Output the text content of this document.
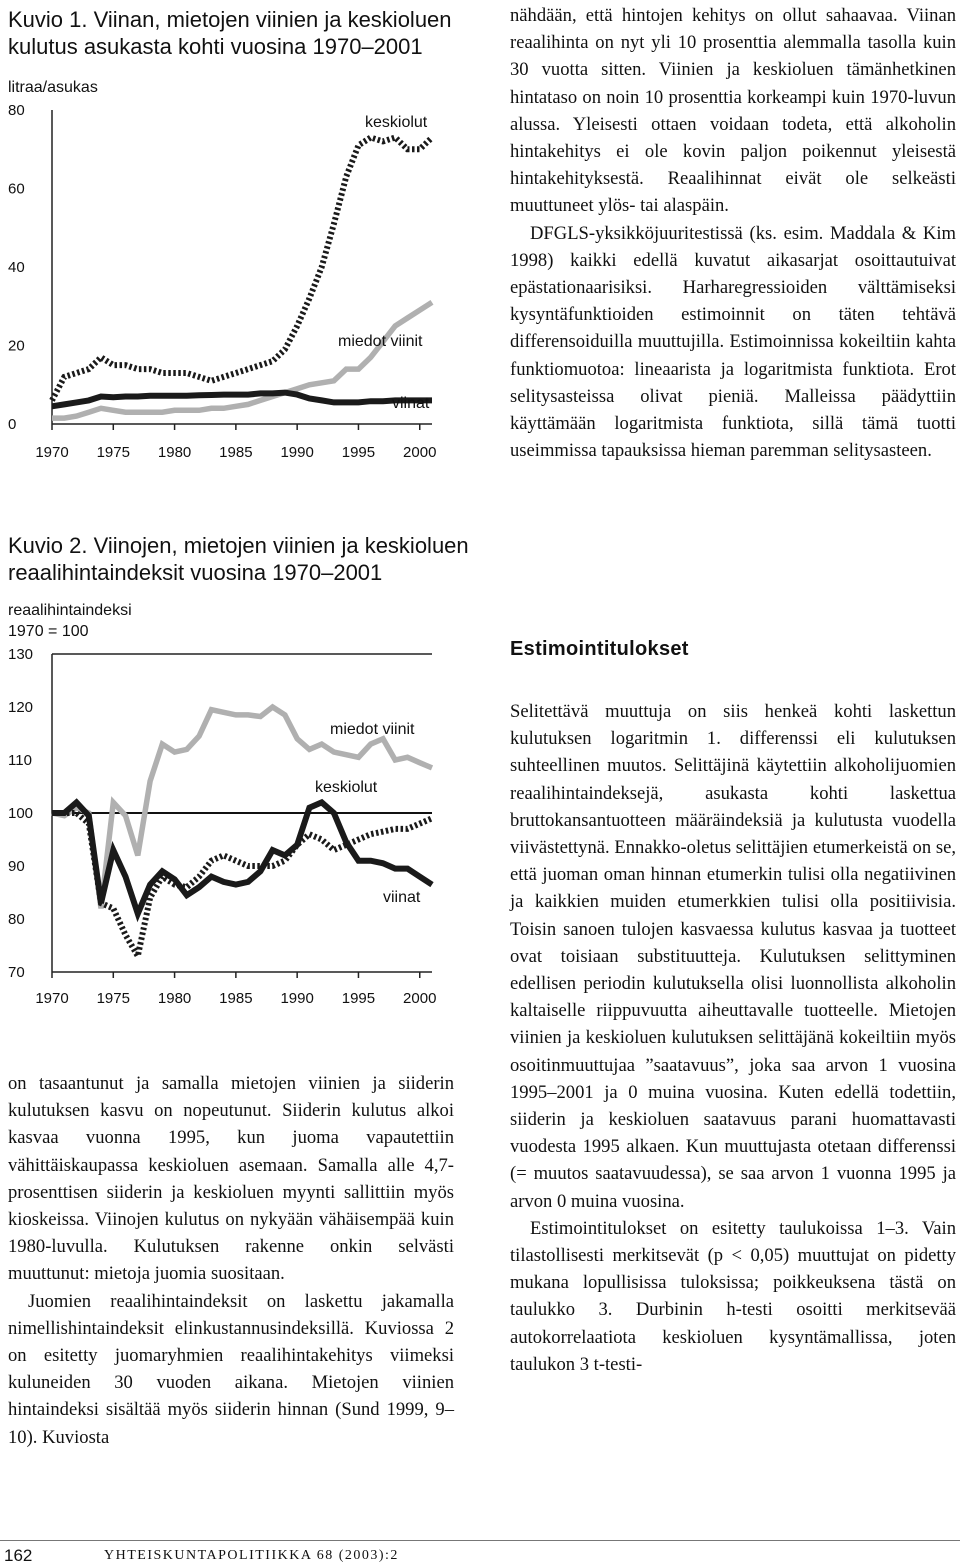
Kuvio 1. Viinan, mietojen viinien ja keskioluen
kulutus asukasta kohti vuosina 1970–2001
litraa/asukas
0
20
40
60
80
1970 1975 1980 1985 1990 1995 2000
keskiolut
miedot viinit
viinat
Kuvio 2. Viinojen, mietojen viinien ja keskioluen
reaalihintaindeksit vuosina 1970–2001
reaalihintaindeksi
1970 = 100
70
80
90
100
110
120
130
1970 1975 1980 1985 1990 1995 2000
miedot viinit
keskiolut
viinat

on tasaantunut ja samalla mietojen viinien ja siiderin kulutuksen kasvu on nopeutunut. Siiderin kulutus alkoi kasvaa vuonna 1995, kun juoma vapautettiin vähittäiskaupassa keskioluen asemaan. Samalla alle 4,7-prosenttisen siiderin ja keskioluen myynti sallittiin myös kioskeissa. Viinojen kulutus on nykyään vähäisempää kuin 1980-luvulla. Kulutuksen rakenne onkin selvästi muuttunut: mietoja juomia suositaan.

Juomien reaalihintaindeksit on laskettu jakamalla nimellishintaindeksit elinkustannusindeksillä. Kuviossa 2 on esitetty juomaryhmien reaalihintakehitys viimeksi kuluneiden 30 vuoden aikana. Mietojen viinien hintaindeksi sisältää myös siiderin hinnan (Sund 1999, 9–10). Kuviosta

nähdään, että hintojen kehitys on ollut sahaavaa. Viinan reaalihinta on nyt yli 10 prosenttia alemmalla tasolla kuin 30 vuotta sitten. Viinien ja keskioluen tämänhetkinen hintataso on noin 10 prosenttia korkeampi kuin 1970-luvun alussa. Yleisesti ottaen voidaan todeta, että alkoholin hintakehitys ei ole kovin paljon poikennut yleisestä hintakehityksestä. Reaalihinnat eivät ole selkeästi muuttuneet ylös- tai alaspäin.

DFGLS-yksikköjuuritestissä (ks. esim. Maddala & Kim 1998) kaikki edellä kuvatut aikasarjat osoittautuivat epästationaarisiksi. Harharegressioiden välttämiseksi kysyntäfunktioiden estimoinnit on täten tehtävä differensoiduilla muuttujilla. Estimoinnissa kokeiltiin kahta funktiomuotoa: lineaarista ja logaritmista funktiota. Erot selitysasteissa olivat pieniä. Malleissa päädyttiin käyttämään logaritmista funktiota, sillä tämä tuotti useimmissa tapauksissa hieman paremman selitysasteen.

Estimointitulokset

Selitettävä muuttuja on siis henkeä kohti laskettun kulutuksen logaritmin 1. differenssi eli kulutuksen suhteellinen muutos. Selittäjinä käytettiin alkoholijuomien reaalihintaindeksejä, asukasta kohti laskettua bruttokansantuotteen määräindeksiä ja kulutusta vuodella viivästettynä. Ennakko-oletus selittäjien etumerkeistä on se, että juoman oman hinnan etumerkin tulisi olla negatiivinen ja kaikkien muiden etumerkkien tulisi olla positiivisia. Toisin sanoen tulojen kasvaessa kulutus kasvaa ja tuotteet ovat toisiaan substituutteja. Kulutuksen selittyminen edellisen periodin kulutuksella olisi luonnollista alkoholin kaltaiselle riippuvuutta aiheuttavalle tuotteelle. Mietojen viinien ja keskioluen kulutuksen selittäjänä kokeiltiin myös osoitinmuuttujaa ”saatavuus”, joka saa arvon 1 vuosina 1995–2001 ja 0 muina vuosina. Kuten edellä todettiin, siiderin ja keskioluen saatavuus parani huomattavasti vuodesta 1995 alkaen. Kun muuttujasta otetaan differenssi (= muutos saatavuudessa), se saa arvon 1 vuonna 1995 ja arvon 0 muina vuosina.

Estimointitulokset on esitetty taulukoissa 1–3. Vain tilastollisesti merkitsevät (p < 0,05) muuttujat on pidetty mukana lopullisissa tuloksissa; poikkeuksena tästä on taulukko 3. Durbinin h-testi osoitti merkitsevää autokorrelaatiota keskioluen kysyntämallissa, joten taulukon 3 t-testi-

162	YHTEISKUNTAPOLITIIKKA 68 (2003):2
